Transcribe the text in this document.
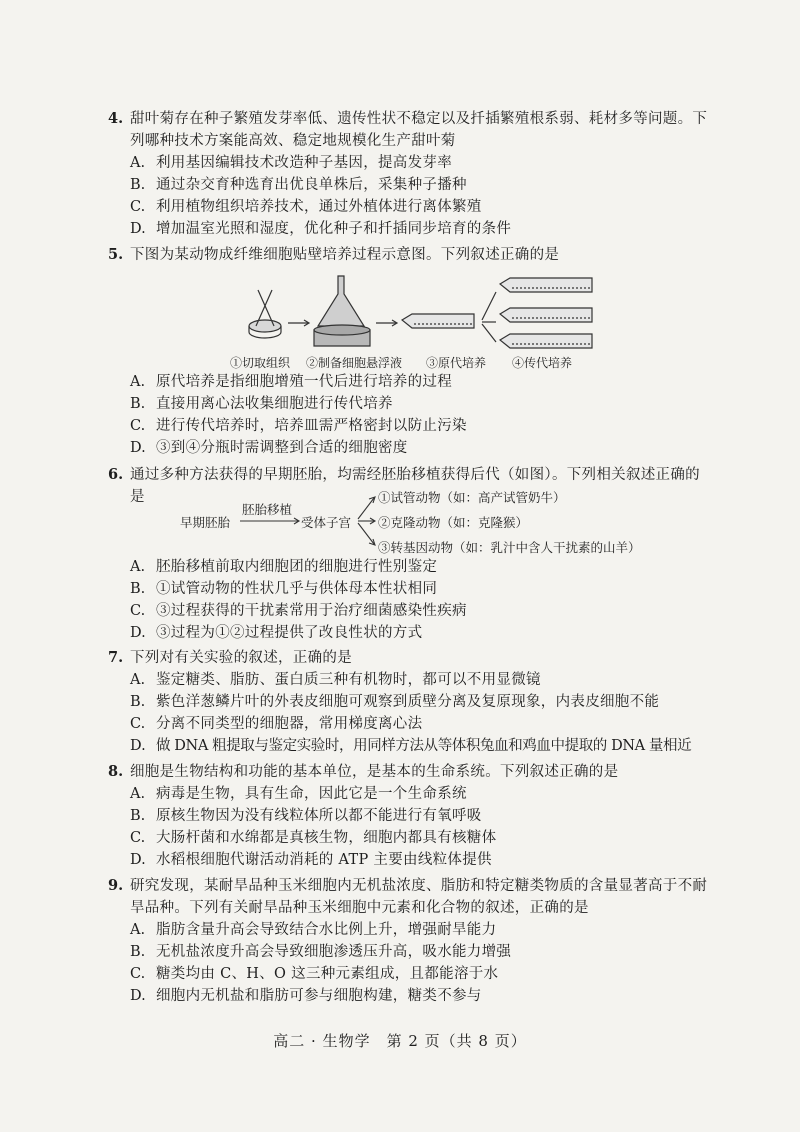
4. 甜叶菊存在种子繁殖发芽率低、遗传性状不稳定以及扦插繁殖根系弱、耗材多等问题。下列哪种技术方案能高效、稳定地规模化生产甜叶菊
A. 利用基因编辑技术改造种子基因，提高发芽率
B. 通过杂交育种选育出优良单株后，采集种子播种
C. 利用植物组织培养技术，通过外植体进行离体繁殖
D. 增加温室光照和湿度，优化种子和扦插同步培育的条件
5. 下图为某动物成纤维细胞贴壁培养过程示意图。下列叙述正确的是
①切取组织 ②制备细胞悬浮液 ③原代培养 ④传代培养
A. 原代培养是指细胞增殖一代后进行培养的过程
B. 直接用离心法收集细胞进行传代培养
C. 进行传代培养时，培养皿需严格密封以防止污染
D. ③到④分瓶时需调整到合适的细胞密度
6. 通过多种方法获得的早期胚胎，均需经胚胎移植获得后代（如图）。下列相关叙述正确的是
早期胚胎
胚胎移植
受体子宫
①试管动物（如：高产试管奶牛）
②克隆动物（如：克隆猴）
③转基因动物（如：乳汁中含人干扰素的山羊）
A. 胚胎移植前取内细胞团的细胞进行性别鉴定
B. ①试管动物的性状几乎与供体母本性状相同
C. ③过程获得的干扰素常用于治疗细菌感染性疾病
D. ③过程为①②过程提供了改良性状的方式
7. 下列对有关实验的叙述，正确的是
A. 鉴定糖类、脂肪、蛋白质三种有机物时，都可以不用显微镜
B. 紫色洋葱鳞片叶的外表皮细胞可观察到质壁分离及复原现象，内表皮细胞不能
C. 分离不同类型的细胞器，常用梯度离心法
D. 做 DNA 粗提取与鉴定实验时，用同样方法从等体积兔血和鸡血中提取的 DNA 量相近
8. 细胞是生物结构和功能的基本单位，是基本的生命系统。下列叙述正确的是
A. 病毒是生物，具有生命，因此它是一个生命系统
B. 原核生物因为没有线粒体所以都不能进行有氧呼吸
C. 大肠杆菌和水绵都是真核生物，细胞内都具有核糖体
D. 水稻根细胞代谢活动消耗的 ATP 主要由线粒体提供
9. 研究发现，某耐旱品种玉米细胞内无机盐浓度、脂肪和特定糖类物质的含量显著高于不耐旱品种。下列有关耐旱品种玉米细胞中元素和化合物的叙述，正确的是
A. 脂肪含量升高会导致结合水比例上升，增强耐旱能力
B. 无机盐浓度升高会导致细胞渗透压升高，吸水能力增强
C. 糖类均由 C、H、O 这三种元素组成，且都能溶于水
D. 细胞内无机盐和脂肪可参与细胞构建，糖类不参与
高二 · 生物学　第 2 页（共 8 页）
